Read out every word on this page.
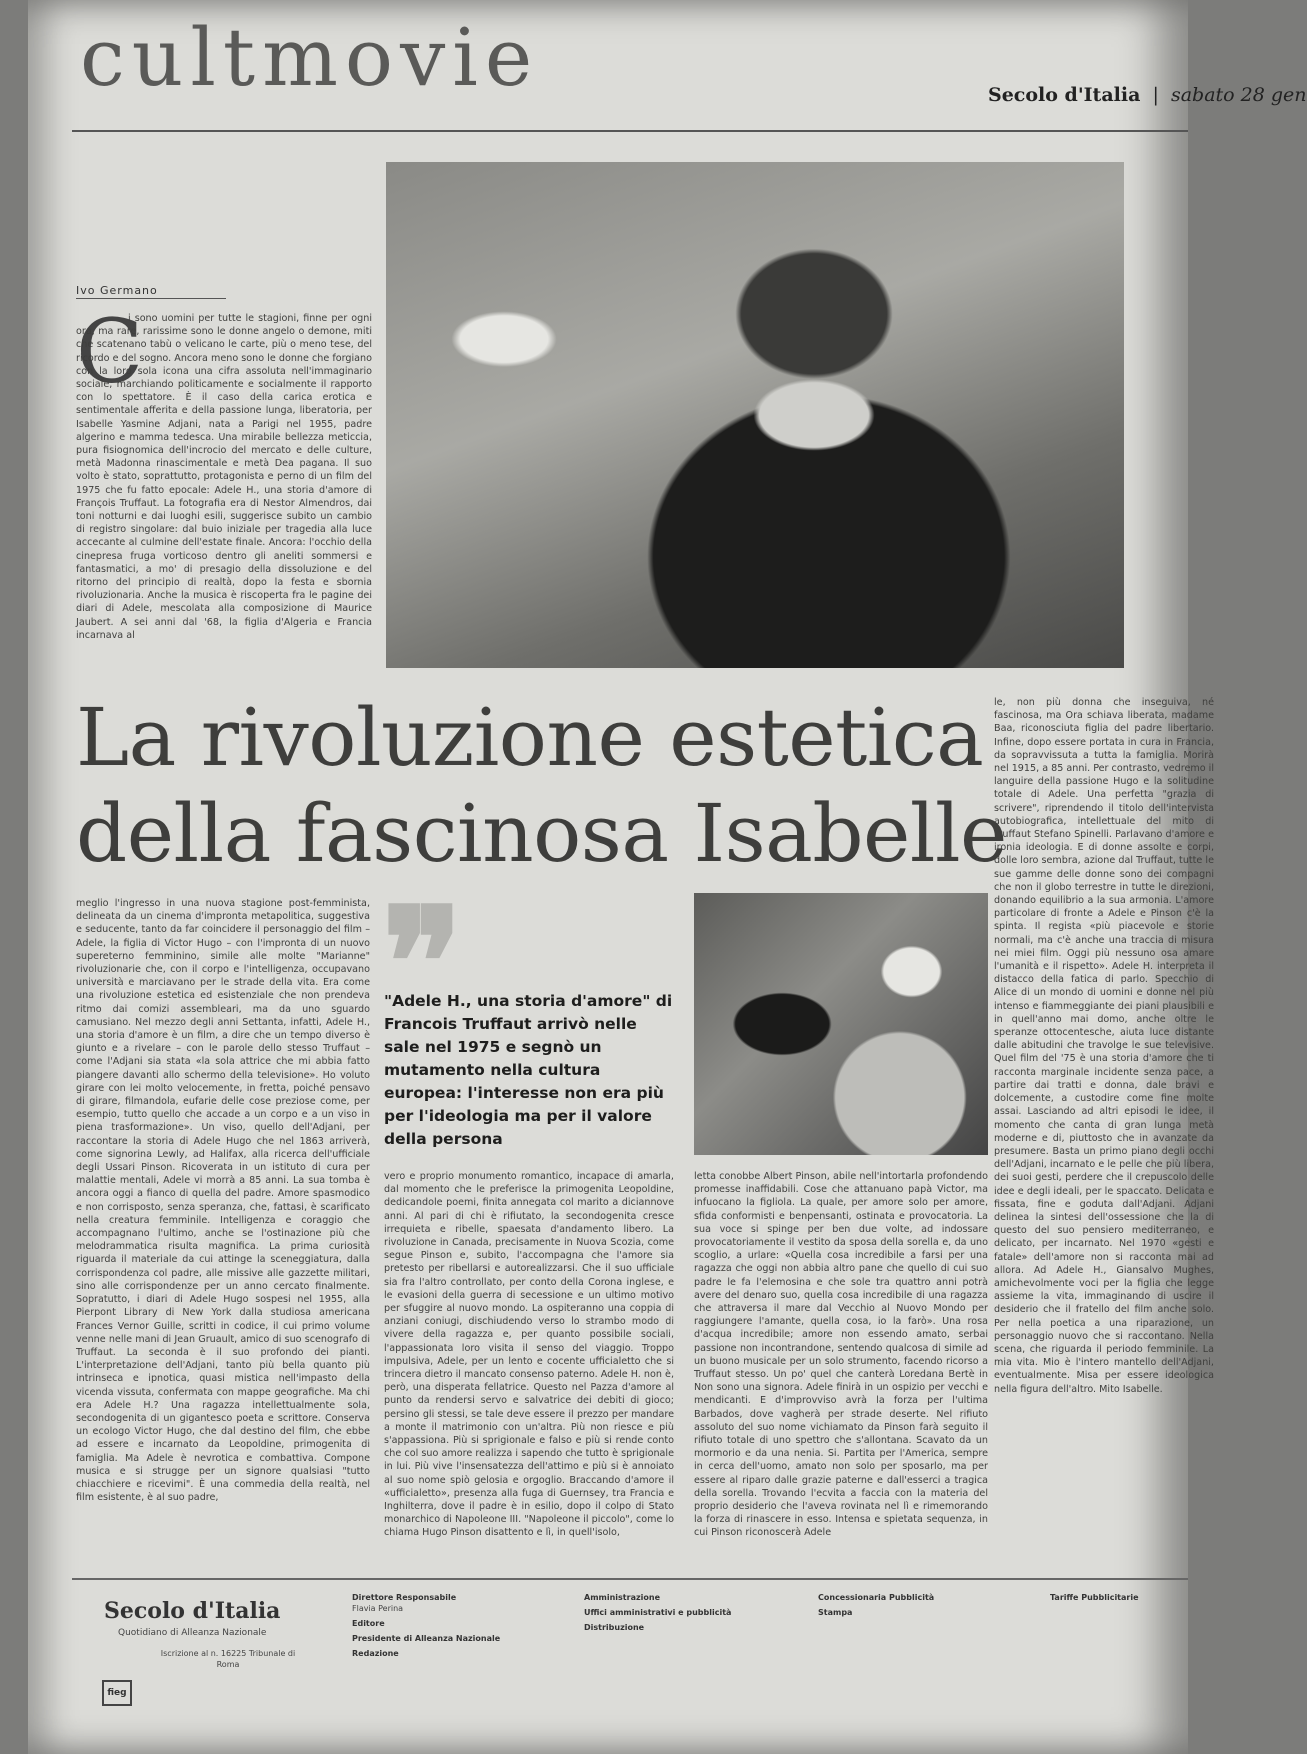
cultmovie	Secolo d'Italia  |  sabato 28 gen
Ivo Germano
C
i sono uomini per tutte le stagioni, finne per ogni ora, ma rare, rarissime sono le donne angelo o demone, miti che scatenano tabù o velicano le carte, più o meno tese, del ricordo e del sogno. Ancora meno sono le donne che forgiano con la loro sola icona una cifra assoluta nell'immaginario sociale, marchiando politicamente e socialmente il rapporto con lo spettatore. È il caso della carica erotica e sentimentale afferita e della passione lunga, liberatoria, per Isabelle Yasmine Adjani, nata a Parigi nel 1955, padre algerino e mamma tedesca. Una mirabile bellezza meticcia, pura fisiognomica dell'incrocio del mercato e delle culture, metà Madonna rinascimentale e metà Dea pagana. Il suo volto è stato, soprattutto, protagonista e perno di un film del 1975 che fu fatto epocale: Adele H., una storia d'amore di François Truffaut. La fotografia era di Nestor Almendros, dai toni notturni e dai luoghi esili, suggerisce subito un cambio di registro singolare: dal buio iniziale per tragedia alla luce accecante al culmine dell'estate finale. Ancora: l'occhio della cinepresa fruga vorticoso dentro gli aneliti sommersi e fantasmatici, a mo' di presagio della dissoluzione e del ritorno del principio di realtà, dopo la festa e sbornia rivoluzionaria. Anche la musica è riscoperta fra le pagine dei diari di Adele, mescolata alla composizione di Maurice Jaubert. A sei anni dal '68, la figlia d'Algeria e Francia incarnava al
La rivoluzione estetica
della fascinosa Isabelle
meglio l'ingresso in una nuova stagione post-femminista, delineata da un cinema d'impronta metapolitica, suggestiva e seducente, tanto da far coincidere il personaggio del film – Adele, la figlia di Victor Hugo – con l'impronta di un nuovo supereterno femminino, simile alle molte "Marianne" rivoluzionarie che, con il corpo e l'intelligenza, occupavano università e marciavano per le strade della vita. Era come una rivoluzione estetica ed esistenziale che non prendeva ritmo dai comizi assembleari, ma da uno sguardo camusiano. Nel mezzo degli anni Settanta, infatti, Adele H., una storia d'amore è un film, a dire che un tempo diverso è giunto e a rivelare – con le parole dello stesso Truffaut – come l'Adjani sia stata «la sola attrice che mi abbia fatto piangere davanti allo schermo della televisione». Ho voluto girare con lei molto velocemente, in fretta, poiché pensavo di girare, filmandola, eufarie delle cose preziose come, per esempio, tutto quello che accade a un corpo e a un viso in piena trasformazione». Un viso, quello dell'Adjani, per raccontare la storia di Adele Hugo che nel 1863 arriverà, come signorina Lewly, ad Halifax, alla ricerca dell'ufficiale degli Ussari Pinson. Ricoverata in un istituto di cura per malattie mentali, Adele vi morrà a 85 anni. La sua tomba è ancora oggi a fianco di quella del padre. Amore spasmodico e non corrisposto, senza speranza, che, fattasi, è scarificato nella creatura femminile. Intelligenza e coraggio che accompagnano l'ultimo, anche se l'ostinazione più che melodrammatica risulta magnifica. La prima curiosità riguarda il materiale da cui attinge la sceneggiatura, dalla corrispondenza col padre, alle missive alle gazzette militari, sino alle corrispondenze per un anno cercato finalmente. Sopratutto, i diari di Adele Hugo sospesi nel 1955, alla Pierpont Library di New York dalla studiosa americana Frances Vernor Guille, scritti in codice, il cui primo volume venne nelle mani di Jean Gruault, amico di suo scenografo di Truffaut. La seconda è il suo profondo dei pianti. L'interpretazione dell'Adjani, tanto più bella quanto più intrinseca e ipnotica, quasi mistica nell'impasto della vicenda vissuta, confermata con mappe geografiche. Ma chi era Adele H.? Una ragazza intellettualmente sola, secondogenita di un gigantesco poeta e scrittore. Conserva un ecologo Victor Hugo, che dal destino del film, che ebbe ad essere e incarnato da Leopoldine, primogenita di famiglia. Ma Adele è nevrotica e combattiva. Compone musica e si strugge per un signore qualsiasi "tutto chiacchiere e ricevimi". È una commedia della realtà, nel film esistente, è al suo padre,
❞
"Adele H., una storia d'amore" di Francois Truffaut arrivò nelle sale nel 1975 e segnò un mutamento nella cultura europea: l'interesse non era più per l'ideologia ma per il valore della persona
vero e proprio monumento romantico, incapace di amarla, dal momento che le preferisce la primogenita Leopoldine, dedicandole poemi, finita annegata col marito a diciannove anni. Al pari di chi è rifiutato, la secondogenita cresce irrequieta e ribelle, spaesata d'andamento libero. La rivoluzione in Canada, precisamente in Nuova Scozia, come segue Pinson e, subito, l'accompagna che l'amore sia pretesto per ribellarsi e autorealizzarsi. Che il suo ufficiale sia fra l'altro controllato, per conto della Corona inglese, e le evasioni della guerra di secessione e un ultimo motivo per sfuggire al nuovo mondo. La ospiteranno una coppia di anziani coniugi, dischiudendo verso lo strambo modo di vivere della ragazza e, per quanto possibile sociali, l'appassionata loro visita il senso del viaggio. Troppo impulsiva, Adele, per un lento e cocente ufficialetto che si trincera dietro il mancato consenso paterno. Adele H. non è, però, una disperata fellatrice. Questo nel Pazza d'amore al punto da rendersi servo e salvatrice dei debiti di gioco; persino gli stessi, se tale deve essere il prezzo per mandare a monte il matrimonio con un'altra. Più non riesce e più s'appassiona. Più si sprigionale e falso e più si rende conto che col suo amore realizza i sapendo che tutto è sprigionale in lui. Più vive l'insensatezza dell'attimo e più si è annoiato al suo nome spiò gelosia e orgoglio. Braccando d'amore il «ufficialetto», presenza alla fuga di Guernsey, tra Francia e Inghilterra, dove il padre è in esilio, dopo il colpo di Stato monarchico di Napoleone III. "Napoleone il piccolo", come lo chiama Hugo Pinson disattento e lì, in quell'isolo,
letta conobbe Albert Pinson, abile nell'intortarla profondendo promesse inaffidabili. Cose che attanuano papà Victor, ma infuocano la figliola. La quale, per amore solo per amore, sfida conformisti e benpensanti, ostinata e provocatoria. La sua voce si spinge per ben due volte, ad indossare provocatoriamente il vestito da sposa della sorella e, da uno scoglio, a urlare: «Quella cosa incredibile a farsi per una ragazza che oggi non abbia altro pane che quello di cui suo padre le fa l'elemosina e che sole tra quattro anni potrà avere del denaro suo, quella cosa incredibile di una ragazza che attraversa il mare dal Vecchio al Nuovo Mondo per raggiungere l'amante, quella cosa, io la farò». Una rosa d'acqua incredibile; amore non essendo amato, serbai passione non incontrandone, sentendo qualcosa di simile ad un buono musicale per un solo strumento, facendo ricorso a Truffaut stesso. Un po' quel che canterà Loredana Bertè in Non sono una signora. Adele finirà in un ospizio per vecchi e mendicanti. E d'improvviso avrà la forza per l'ultima Barbados, dove vagherà per strade deserte. Nel rifiuto assoluto del suo nome vichiamato da Pinson farà seguito il rifiuto totale di uno spettro che s'allontana. Scavato da un mormorio e da una nenia. Si. Partita per l'America, sempre in cerca dell'uomo, amato non solo per sposarlo, ma per essere al riparo dalle grazie paterne e dall'esserci a tragica della sorella. Trovando l'ecvita a faccia con la materia del proprio desiderio che l'aveva rovinata nel lì e rimemorando la forza di rinascere in esso. Intensa e spietata sequenza, in cui Pinson riconoscerà Adele
le, non più donna che inseguiva, né fascinosa, ma Ora schiava liberata, madame Baa, riconosciuta figlia del padre libertario. Infine, dopo essere portata in cura in Francia, da sopravvissuta a tutta la famiglia. Morirà nel 1915, a 85 anni. Per contrasto, vedremo il languire della passione Hugo e la solitudine totale di Adele. Una perfetta "grazia di scrivere", riprendendo il titolo dell'intervista autobiografica, intellettuale del mito di Truffaut Stefano Spinelli. Parlavano d'amore e ironia ideologia. E di donne assolte e corpi, dolle loro sembra, azione dal Truffaut, tutte le sue gamme delle donne sono dei compagni che non il globo terrestre in tutte le direzioni, donando equilibrio a la sua armonia. L'amore particolare di fronte a Adele e Pinson c'è la spinta. Il regista «più piacevole e storie normali, ma c'è anche una traccia di misura nei miei film. Oggi più nessuno osa amare l'umanità e il rispetto». Adele H. interpreta il distacco della fatica di parlo. Specchio di Alice di un mondo di uomini e donne nel più intenso e fiammeggiante dei piani plausibili e in quell'anno mai domo, anche oltre le speranze ottocentesche, aiuta luce distante dalle abitudini che travolge le sue televisive. Quel film del '75 è una storia d'amore che ti racconta marginale incidente senza pace, a partire dai tratti e donna, dale bravi e dolcemente, a custodire come fine molte assai. Lasciando ad altri episodi le idee, il momento che canta di gran lunga metà moderne e di, piuttosto che in avanzate da presumere. Basta un primo piano degli occhi dell'Adjani, incarnato e le pelle che più libera, dei suoi gesti, perdere che il crepuscolo delle idee e degli ideali, per le spaccato. Delicata e fissata, fine e goduta dall'Adjani. Adjani delinea la sintesi dell'ossessione che la di questo del suo pensiero mediterraneo, e delicato, per incarnato. Nel 1970 «gesti e fatale» dell'amore non si racconta mai ad allora. Ad Adele H., Giansalvo Mughes, amichevolmente voci per la figlia che legge assieme la vita, immaginando di uscire il desiderio che il fratello del film anche solo. Per nella poetica a una riparazione, un personaggio nuovo che si raccontano. Nella scena, che riguarda il periodo femminile. La mia vita. Mio è l'intero mantello dell'Adjani, eventualmente. Misa per essere ideologica nella figura dell'altro. Mito Isabelle.
Secolo d'Italia
Quotidiano di Alleanza Nazionale
Iscrizione al n. 16225 Tribunale di Roma
fieg
Direttore Responsabile
Flavia Perina
Editore
Presidente di Alleanza Nazionale
Redazione
Amministrazione
Uffici amministrativi e pubblicità
Distribuzione
Concessionaria Pubblicità
Stampa
Tariffe Pubblicitarie
